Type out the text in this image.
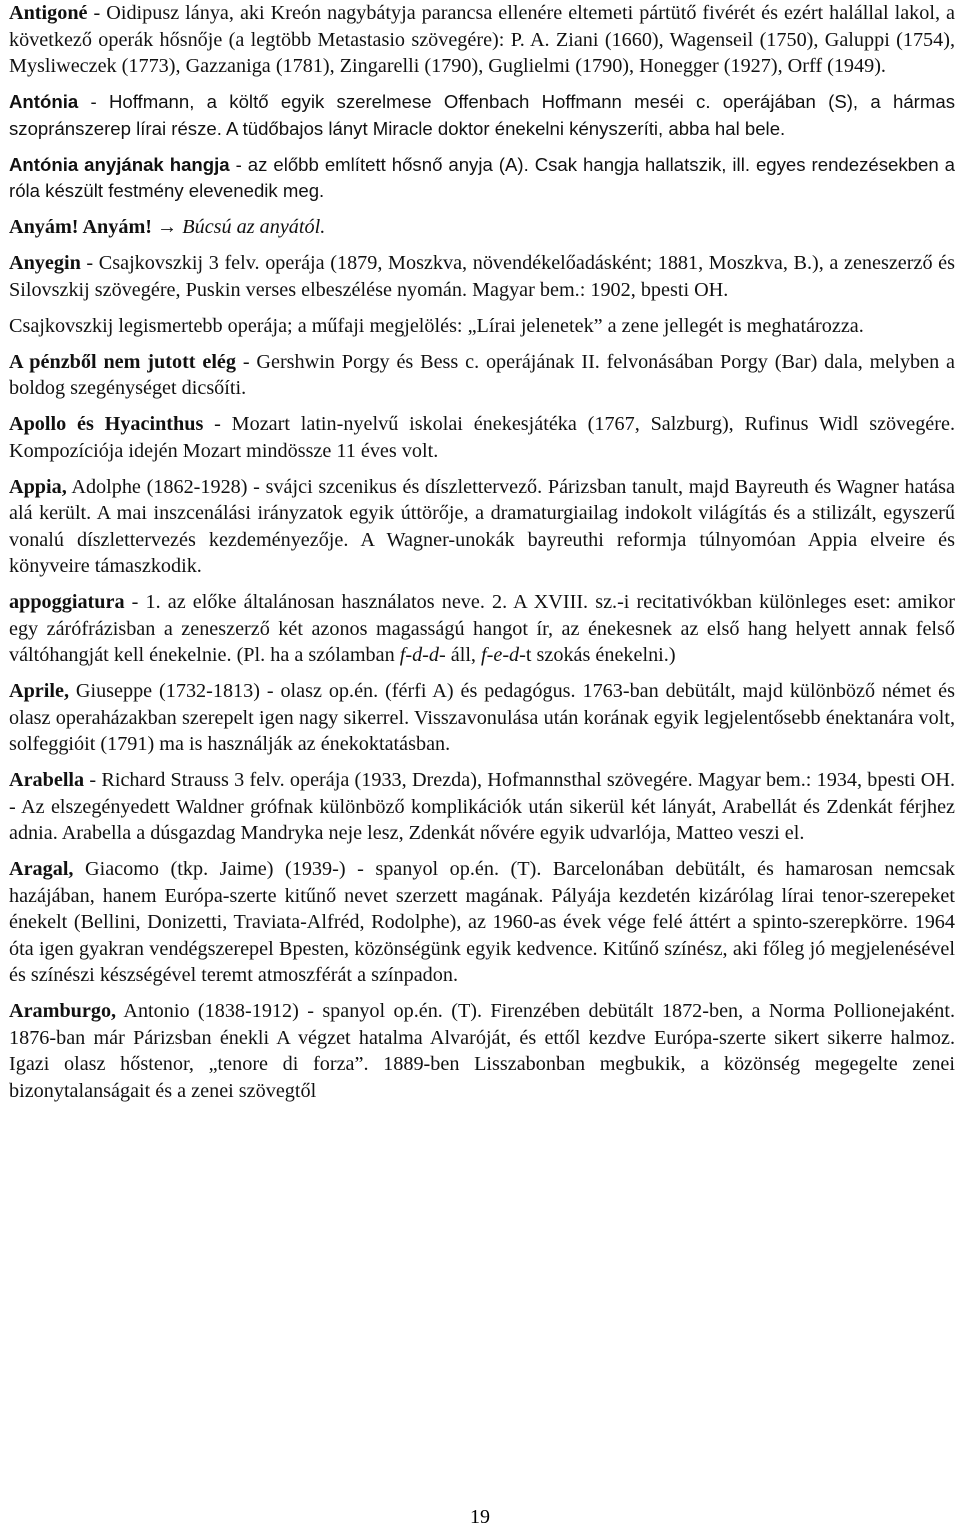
Antigoné - Oidipusz lánya, aki Kreón nagybátyja parancsa ellenére eltemeti pártütő fivérét és ezért halállal lakol, a következő operák hősnője (a legtöbb Metastasio szövegére): P. A. Ziani (1660), Wagenseil (1750), Galuppi (1754), Mysliweczek (1773), Gazzaniga (1781), Zingarelli (1790), Guglielmi (1790), Honegger (1927), Orff (1949).

Antónia - Hoffmann, a költő egyik szerelmese Offenbach Hoffmann meséi c. operájában (S), a hármas szopránszerep lírai része. A tüdőbajos lányt Miracle doktor énekelni kényszeríti, abba hal bele.

Antónia anyjának hangja - az előbb említett hősnő anyja (A). Csak hangja hallatszik, ill. egyes rendezésekben a róla készült festmény elevenedik meg.

Anyám! Anyám! → Búcsú az anyától.

Anyegin - Csajkovszkij 3 felv. operája (1879, Moszkva, növendékelőadásként; 1881, Moszkva, B.), a zeneszerző és Silovszkij szövegére, Puskin verses elbeszélése nyomán. Magyar bem.: 1902, bpesti OH.

Csajkovszkij legismertebb operája; a műfaji megjelölés: „Lírai jelenetek” a zene jellegét is meghatározza.

A pénzből nem jutott elég - Gershwin Porgy és Bess c. operájának II. felvonásában Porgy (Bar) dala, melyben a boldog szegénységet dicsőíti.

Apollo és Hyacinthus - Mozart latin-nyelvű iskolai énekesjátéka (1767, Salzburg), Rufinus Widl szövegére. Kompozíciója idején Mozart mindössze 11 éves volt.

Appia, Adolphe (1862-1928) - svájci szcenikus és díszlettervező. Párizsban tanult, majd Bayreuth és Wagner hatása alá került. A mai inszcenálási irányzatok egyik úttörője, a dramaturgiailag indokolt világítás és a stilizált, egyszerű vonalú díszlettervezés kezdeményezője. A Wagner-unokák bayreuthi reformja túlnyomóan Appia elveire és könyveire támaszkodik.

appoggiatura - 1. az előke általánosan használatos neve. 2. A XVIII. sz.-i recitativókban különleges eset: amikor egy zárófrázisban a zeneszerző két azonos magasságú hangot ír, az énekesnek az első hang helyett annak felső váltóhangját kell énekelnie. (Pl. ha a szólamban f-d-d- áll, f-e-d-t szokás énekelni.)

Aprile, Giuseppe (1732-1813) - olasz op.én. (férfi A) és pedagógus. 1763-ban debütált, majd különböző német és olasz operaházakban szerepelt igen nagy sikerrel. Visszavonulása után korának egyik legjelentősebb énektanára volt, solfeggióit (1791) ma is használják az énekoktatásban.

Arabella - Richard Strauss 3 felv. operája (1933, Drezda), Hofmannsthal szövegére. Magyar bem.: 1934, bpesti OH. - Az elszegényedett Waldner grófnak különböző komplikációk után sikerül két lányát, Arabellát és Zdenkát férjhez adnia. Arabella a dúsgazdag Mandryka neje lesz, Zdenkát nővére egyik udvarlója, Matteo veszi el.

Aragal, Giacomo (tkp. Jaime) (1939-) - spanyol op.én. (T). Barcelonában debütált, és hamarosan nemcsak hazájában, hanem Európa-szerte kitűnő nevet szerzett magának. Pályája kezdetén kizárólag lírai tenor-szerepeket énekelt (Bellini, Donizetti, Traviata-Alfréd, Rodolphe), az 1960-as évek vége felé áttért a spinto-szerepkörre. 1964 óta igen gyakran vendégszerepel Bpesten, közönségünk egyik kedvence. Kitűnő színész, aki főleg jó megjelenésével és színészi készségével teremt atmoszférát a színpadon.

Aramburgo, Antonio (1838-1912) - spanyol op.én. (T). Firenzében debütált 1872-ben, a Norma Pollionejaként. 1876-ban már Párizsban énekli A végzet hatalma Alvaróját, és ettől kezdve Európa-szerte sikert sikerre halmoz. Igazi olasz hőstenor, „tenore di forza”. 1889-ben Lisszabonban megbukik, a közönség megegelte zenei bizonytalanságait és a zenei szövegtől

19
